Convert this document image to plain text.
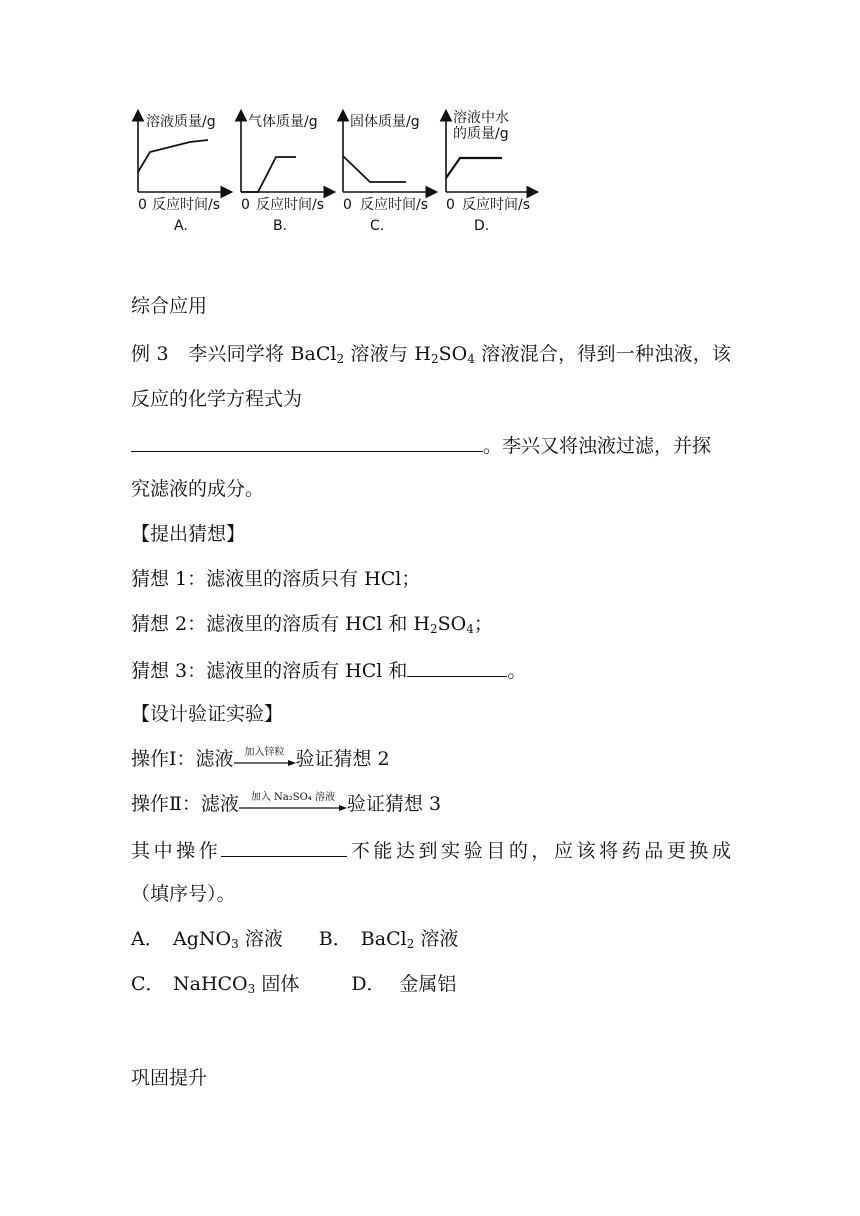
溶液质量/g
0 反应时间/s
A.
气体质量/g
0 反应时间/s
B.
固体质量/g
0 反应时间/s
C.
溶液中水
的质量/g
0 反应时间/s
D.
综合应用
例 3　李兴同学将 BaCl$_2$ 溶液与 $H_2SO_4$ 溶液混合，得到一种浊液，该
反应的化学方程式为
。李兴又将浊液过滤，并探
究滤液的成分。
【提出猜想】
猜想 1：滤液里的溶质只有 HCl；
猜想 2：滤液里的溶质有 HCl 和 $H_2SO_4$；
猜想 3：滤液里的溶质有 HCl 和	。
【设计验证实验】
操作Ⅰ：滤液	加入锌粒 验证猜想 2
操作Ⅱ：滤液	加入 Na₂SO₄ 溶液 验证猜想 3
其中操作	不能达到实验目的，应该将药品更换成
（填序号）。
A． AgNO$_3$ 溶液 B． BaCl$_2$ 溶液
C． NaHCO$_3$ 固体	D． 金属铝
巩固提升
